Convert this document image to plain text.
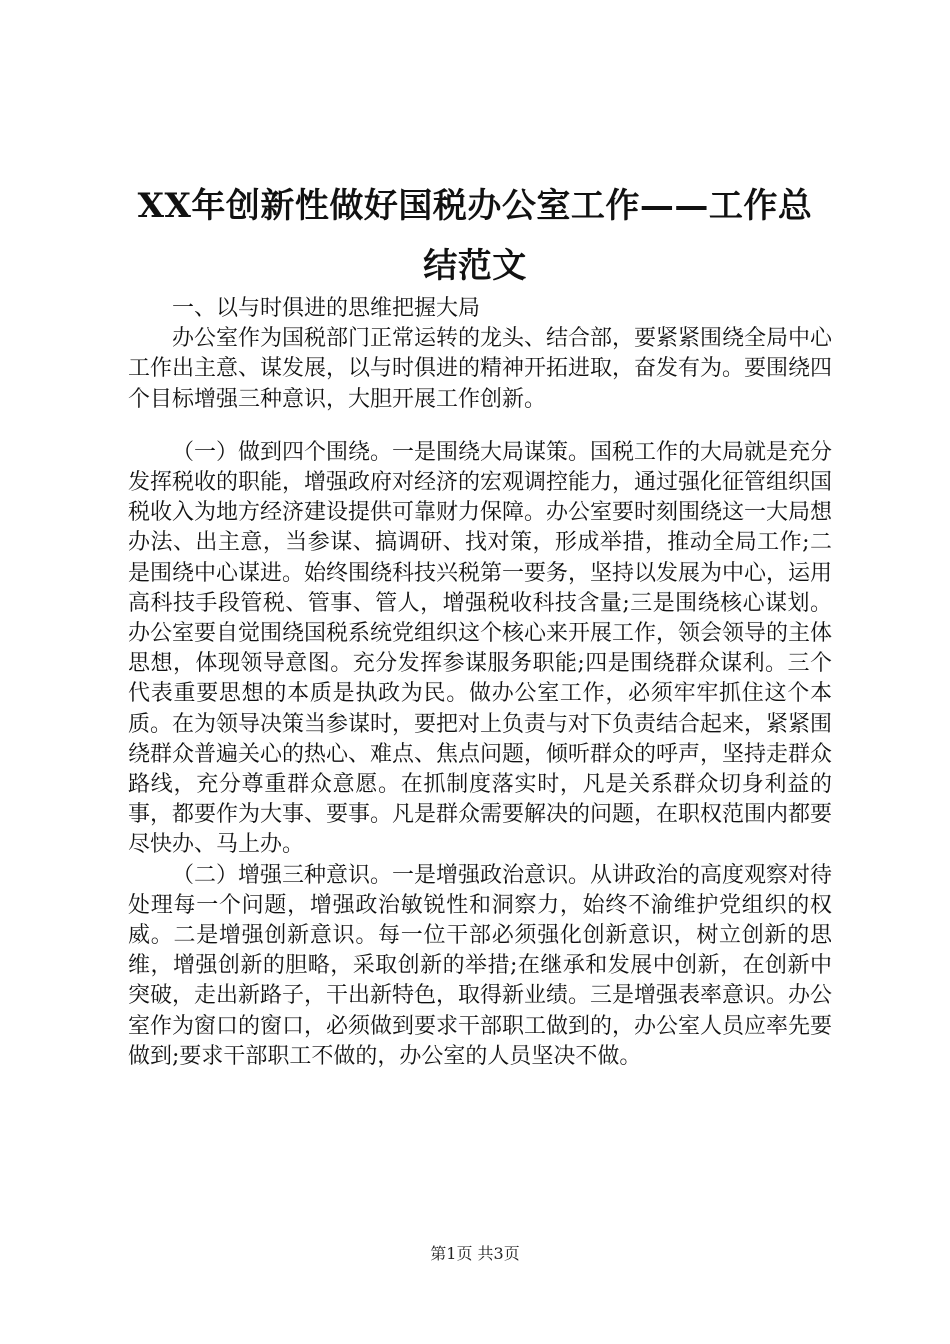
XX年创新性做好国税办公室工作——工作总
结范文

一、以与时俱进的思维把握大局

办公室作为国税部门正常运转的龙头、结合部，要紧紧围绕全局中心工作出主意、谋发展，以与时俱进的精神开拓进取，奋发有为。要围绕四个目标增强三种意识，大胆开展工作创新。

（一）做到四个围绕。一是围绕大局谋策。国税工作的大局就是充分发挥税收的职能，增强政府对经济的宏观调控能力，通过强化征管组织国税收入为地方经济建设提供可靠财力保障。办公室要时刻围绕这一大局想办法、出主意，当参谋、搞调研、找对策，形成举措，推动全局工作;二是围绕中心谋进。始终围绕科技兴税第一要务，坚持以发展为中心，运用高科技手段管税、管事、管人，增强税收科技含量;三是围绕核心谋划。办公室要自觉围绕国税系统党组织这个核心来开展工作，领会领导的主体思想，体现领导意图。充分发挥参谋服务职能;四是围绕群众谋利。三个代表重要思想的本质是执政为民。做办公室工作，必须牢牢抓住这个本质。在为领导决策当参谋时，要把对上负责与对下负责结合起来，紧紧围绕群众普遍关心的热心、难点、焦点问题，倾听群众的呼声，坚持走群众路线，充分尊重群众意愿。在抓制度落实时，凡是关系群众切身利益的事，都要作为大事、要事。凡是群众需要解决的问题，在职权范围内都要尽快办、马上办。

（二）增强三种意识。一是增强政治意识。从讲政治的高度观察对待处理每一个问题，增强政治敏锐性和洞察力，始终不渝维护党组织的权威。二是增强创新意识。每一位干部必须强化创新意识，树立创新的思维，增强创新的胆略，采取创新的举措;在继承和发展中创新，在创新中突破，走出新路子，干出新特色，取得新业绩。三是增强表率意识。办公室作为窗口的窗口，必须做到要求干部职工做到的，办公室人员应率先要做到;要求干部职工不做的，办公室的人员坚决不做。

第1页 共3页
